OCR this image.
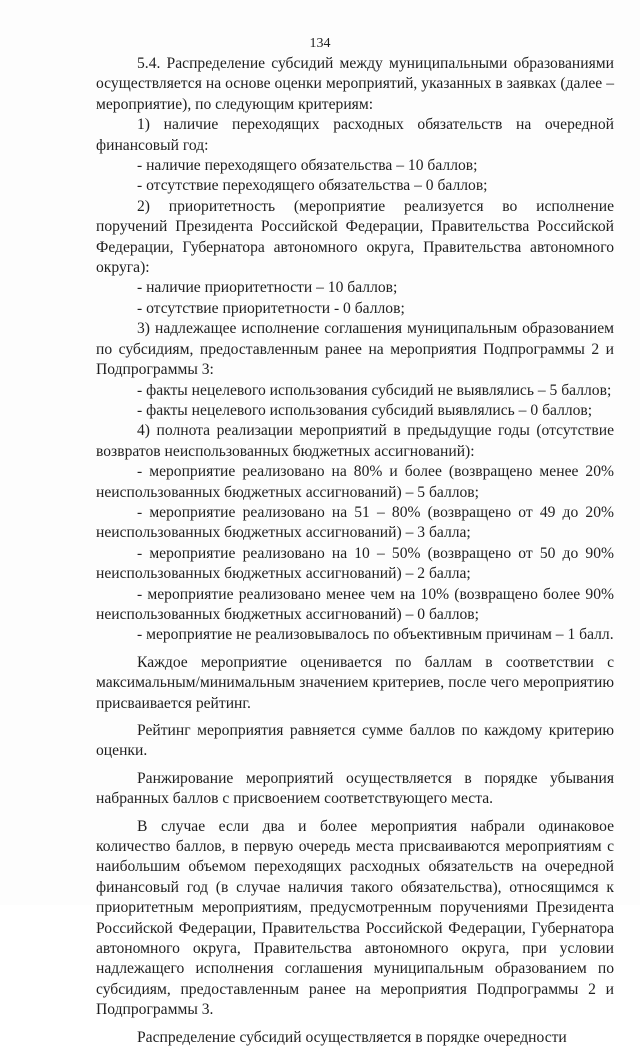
134

5.4. Распределение субсидий между муниципальными образованиями осуществляется на основе оценки мероприятий, указанных в заявках (далее – мероприятие), по следующим критериям:

1) наличие переходящих расходных обязательств на очередной финансовый год:

- наличие переходящего обязательства – 10 баллов;

- отсутствие переходящего обязательства – 0 баллов;

2) приоритетность (мероприятие реализуется во исполнение поручений Президента Российской Федерации, Правительства Российской Федерации, Губернатора автономного округа, Правительства автономного округа):

- наличие приоритетности – 10 баллов;

- отсутствие приоритетности - 0 баллов;

3) надлежащее исполнение соглашения муниципальным образованием по субсидиям, предоставленным ранее на мероприятия Подпрограммы 2 и Подпрограммы 3:

- факты нецелевого использования субсидий не выявлялись – 5 баллов;

- факты нецелевого использования субсидий выявлялись – 0 баллов;

4) полнота реализации мероприятий в предыдущие годы (отсутствие возвратов неиспользованных бюджетных ассигнований):

- мероприятие реализовано на 80% и более (возвращено менее 20% неиспользованных бюджетных ассигнований) – 5 баллов;

- мероприятие реализовано на 51 – 80% (возвращено от 49 до 20% неиспользованных бюджетных ассигнований) – 3 балла;

- мероприятие реализовано на 10 – 50% (возвращено от 50 до 90% неиспользованных бюджетных ассигнований) – 2 балла;

- мероприятие реализовано менее чем на 10% (возвращено более 90% неиспользованных бюджетных ассигнований) – 0 баллов;

- мероприятие не реализовывалось по объективным причинам – 1 балл.

Каждое мероприятие оценивается по баллам в соответствии с максимальным/минимальным значением критериев, после чего мероприятию присваивается рейтинг.

Рейтинг мероприятия равняется сумме баллов по каждому критерию оценки.

Ранжирование мероприятий осуществляется в порядке убывания набранных баллов с присвоением соответствующего места.

В случае если два и более мероприятия набрали одинаковое количество баллов, в первую очередь места присваиваются мероприятиям с наибольшим объемом переходящих расходных обязательств на очередной финансовый год (в случае наличия такого обязательства), относящимся к приоритетным мероприятиям, предусмотренным поручениями Президента Российской Федерации, Правительства Российской Федерации, Губернатора автономного округа, Правительства автономного округа, при условии надлежащего исполнения соглашения муниципальным образованием по субсидиям, предоставленным ранее на мероприятия Подпрограммы 2 и Подпрограммы 3.

Распределение субсидий осуществляется в порядке очередности
